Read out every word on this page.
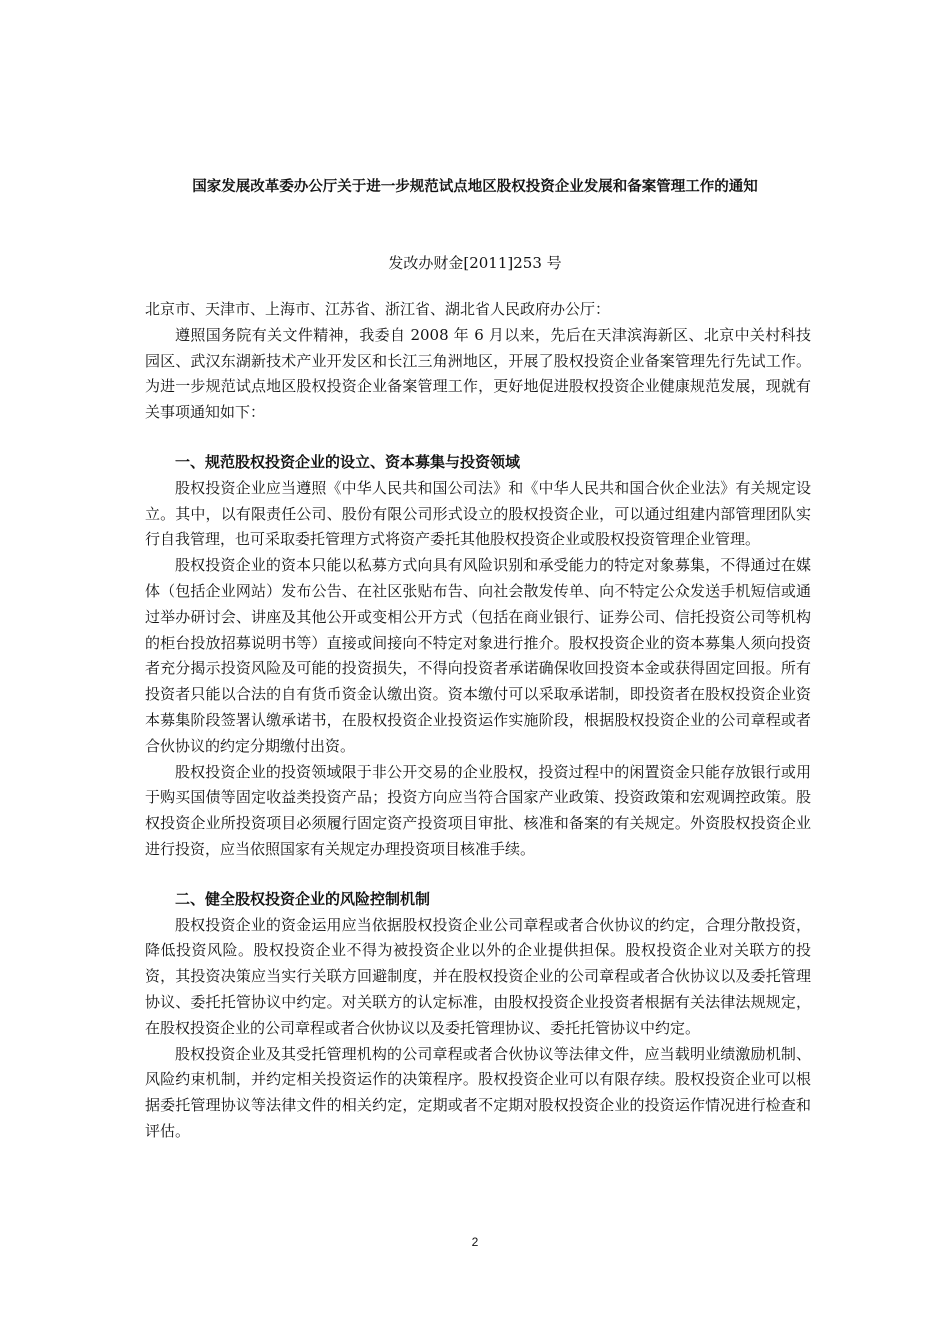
国家发展改革委办公厅关于进一步规范试点地区股权投资企业发展和备案管理工作的通知
发改办财金[2011]253 号

北京市、天津市、上海市、江苏省、浙江省、湖北省人民政府办公厅：

遵照国务院有关文件精神，我委自 2008 年 6 月以来，先后在天津滨海新区、北京中关村科技园区、武汉东湖新技术产业开发区和长江三角洲地区，开展了股权投资企业备案管理先行先试工作。为进一步规范试点地区股权投资企业备案管理工作，更好地促进股权投资企业健康规范发展，现就有关事项通知如下：

一、规范股权投资企业的设立、资本募集与投资领域

股权投资企业应当遵照《中华人民共和国公司法》和《中华人民共和国合伙企业法》有关规定设立。其中，以有限责任公司、股份有限公司形式设立的股权投资企业，可以通过组建内部管理团队实行自我管理，也可采取委托管理方式将资产委托其他股权投资企业或股权投资管理企业管理。

股权投资企业的资本只能以私募方式向具有风险识别和承受能力的特定对象募集，不得通过在媒体（包括企业网站）发布公告、在社区张贴布告、向社会散发传单、向不特定公众发送手机短信或通过举办研讨会、讲座及其他公开或变相公开方式（包括在商业银行、证券公司、信托投资公司等机构的柜台投放招募说明书等）直接或间接向不特定对象进行推介。股权投资企业的资本募集人须向投资者充分揭示投资风险及可能的投资损失，不得向投资者承诺确保收回投资本金或获得固定回报。所有投资者只能以合法的自有货币资金认缴出资。资本缴付可以采取承诺制，即投资者在股权投资企业资本募集阶段签署认缴承诺书，在股权投资企业投资运作实施阶段，根据股权投资企业的公司章程或者合伙协议的约定分期缴付出资。

股权投资企业的投资领域限于非公开交易的企业股权，投资过程中的闲置资金只能存放银行或用于购买国债等固定收益类投资产品；投资方向应当符合国家产业政策、投资政策和宏观调控政策。股权投资企业所投资项目必须履行固定资产投资项目审批、核准和备案的有关规定。外资股权投资企业进行投资，应当依照国家有关规定办理投资项目核准手续。

二、健全股权投资企业的风险控制机制

股权投资企业的资金运用应当依据股权投资企业公司章程或者合伙协议的约定，合理分散投资，降低投资风险。股权投资企业不得为被投资企业以外的企业提供担保。股权投资企业对关联方的投资，其投资决策应当实行关联方回避制度，并在股权投资企业的公司章程或者合伙协议以及委托管理协议、委托托管协议中约定。对关联方的认定标准，由股权投资企业投资者根据有关法律法规规定，在股权投资企业的公司章程或者合伙协议以及委托管理协议、委托托管协议中约定。

股权投资企业及其受托管理机构的公司章程或者合伙协议等法律文件，应当载明业绩激励机制、风险约束机制，并约定相关投资运作的决策程序。股权投资企业可以有限存续。股权投资企业可以根据委托管理协议等法律文件的相关约定，定期或者不定期对股权投资企业的投资运作情况进行检查和评估。

2
